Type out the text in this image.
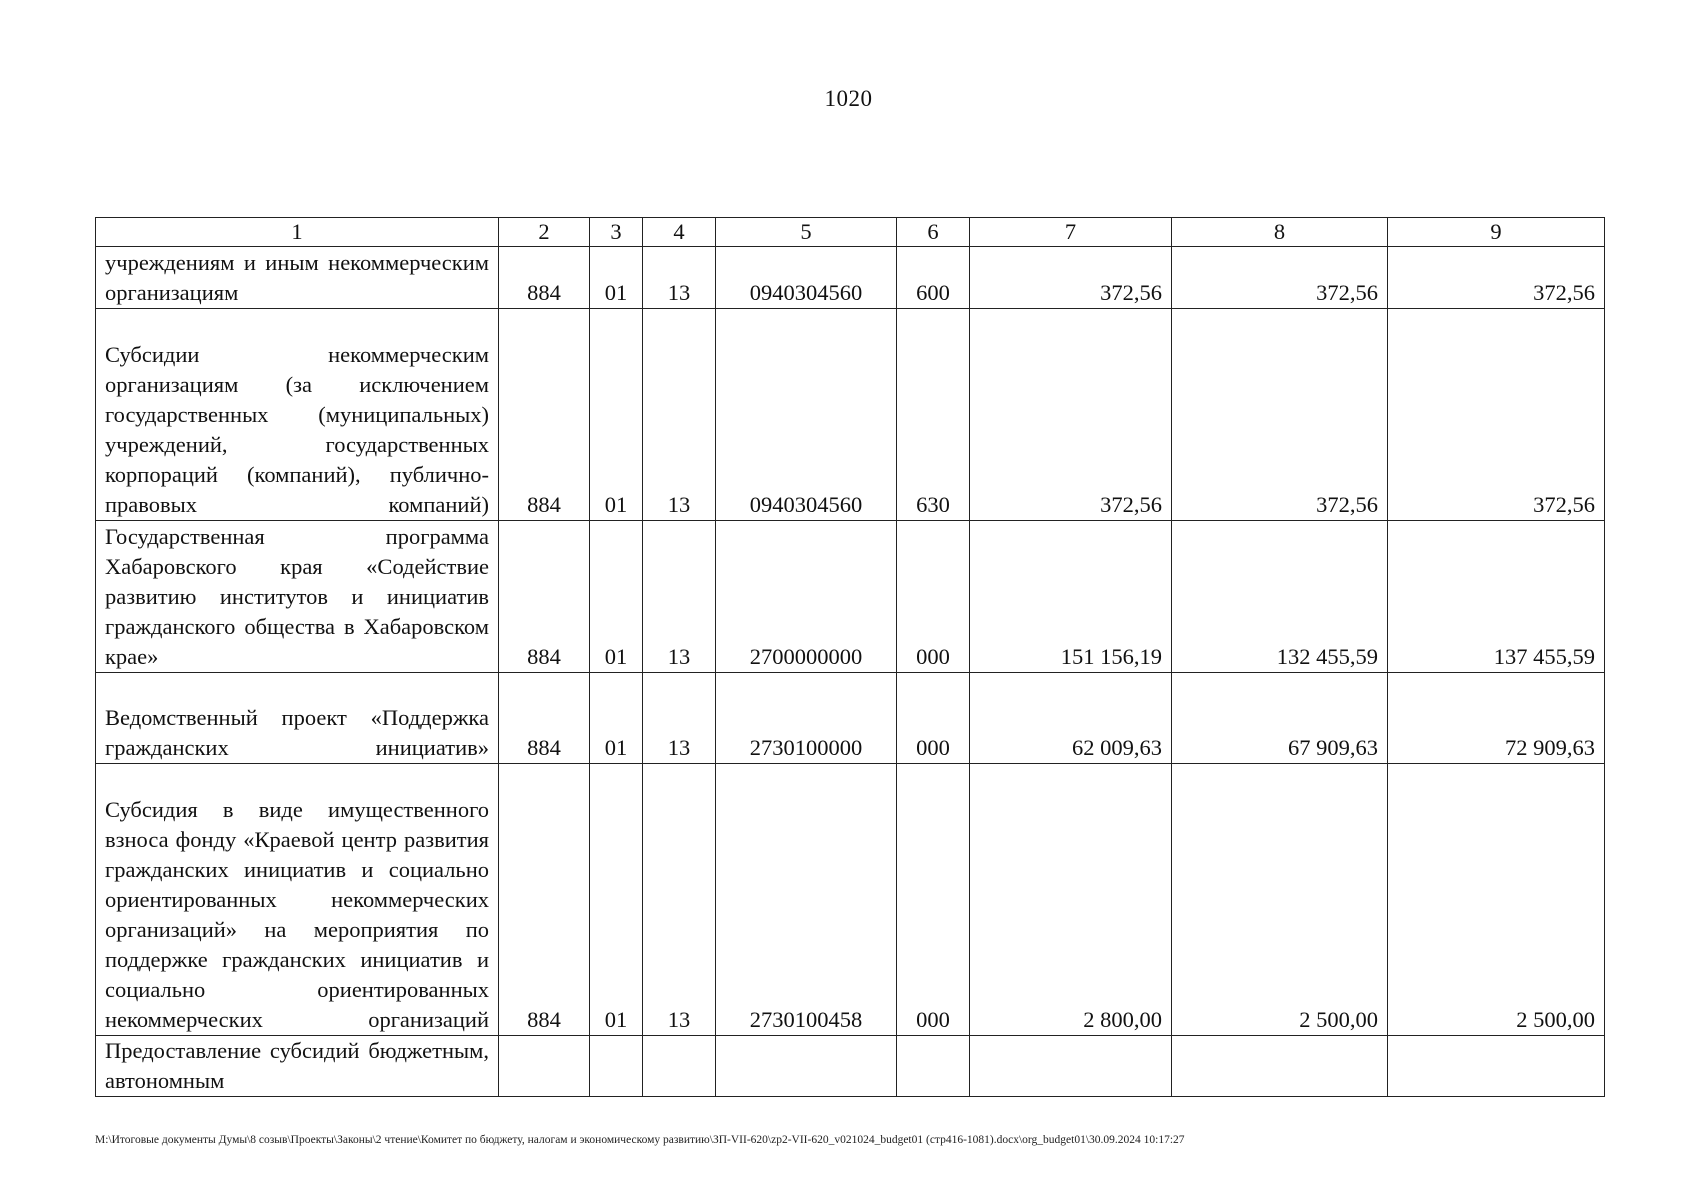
1020
1	2	3	4	5	6	7	8	9
учреждениям и иным некоммерческим организациям	884	01	13	0940304560	600	372,56	372,56	372,56
Субсидии некоммерческим организациям (за исключением государственных (муниципальных) учреждений, государственных корпораций (компаний), публично-правовых компаний)	884	01	13	0940304560	630	372,56	372,56	372,56
Государственная программа Хабаровского края «Содействие развитию институтов и инициатив гражданского общества в Хабаровском крае»	884	01	13	2700000000	000	151 156,19	132 455,59	137 455,59
Ведомственный проект «Поддержка гражданских инициатив»	884	01	13	2730100000	000	62 009,63	67 909,63	72 909,63
Субсидия в виде имущественного взноса фонду «Краевой центр развития гражданских инициатив и социально ориентированных некоммерческих организаций» на мероприятия по поддержке гражданских инициатив и социально ориентированных некоммерческих организаций	884	01	13	2730100458	000	2 800,00	2 500,00	2 500,00
Предоставление субсидий бюджетным, автономным								
M:\Итоговые документы Думы\8 созыв\Проекты\Законы\2 чтение\Комитет по бюджету, налогам и экономическому развитию\ЗП-VII-620\zp2-VII-620_v021024_budget01 (стр416-1081).docx\org_budget01\30.09.2024 10:17:27
